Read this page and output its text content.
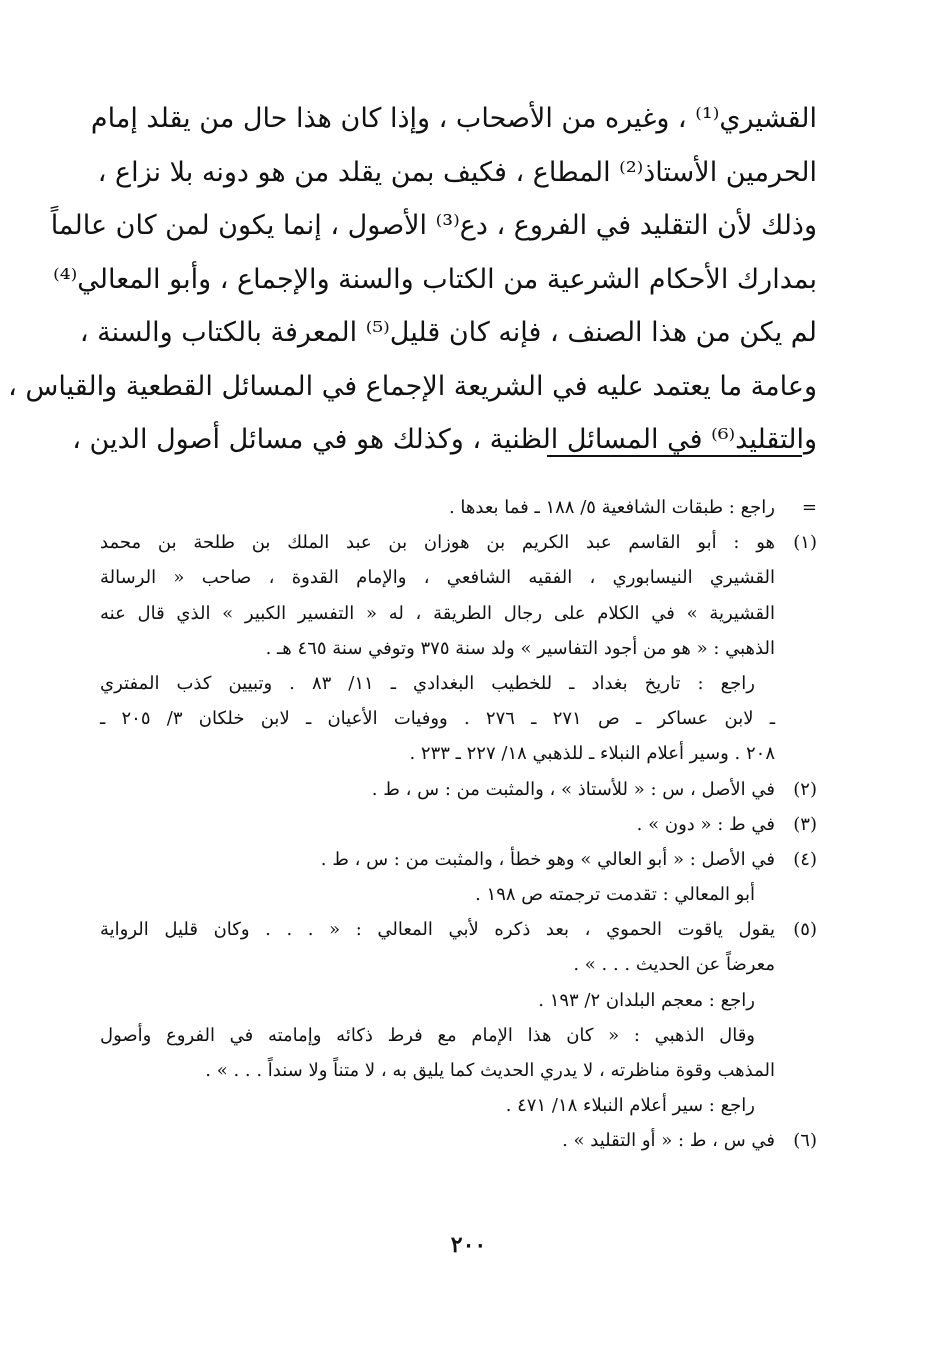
القشيري⁽¹⁾ ، وغيره من الأصحاب ، وإذا كان هذا حال من يقلد إمام
الحرمين الأستاذ⁽²⁾ المطاع ، فكيف بمن يقلد من هو دونه بلا نزاع ،
وذلك لأن التقليد في الفروع ، دع⁽³⁾ الأصول ، إنما يكون لمن كان عالماً
بمدارك الأحكام الشرعية من الكتاب والسنة والإجماع ، وأبو المعالي⁽⁴⁾
لم يكن من هذا الصنف ، فإنه كان قليل⁽⁵⁾ المعرفة بالكتاب والسنة ،
وعامة ما يعتمد عليه في الشريعة الإجماع في المسائل القطعية والقياس ،
والتقليد⁽⁶⁾ في المسائل الظنية ، وكذلك هو في مسائل أصول الدين ،
=
راجع : طبقات الشافعية ٥/ ١٨٨ ـ فما بعدها .
(١)
هو : أبو القاسم عبد الكريم بن هوزان بن عبد الملك بن طلحة بن محمد
القشيري النيسابوري ، الفقيه الشافعي ، والإمام القدوة ، صاحب « الرسالة
القشيرية » في الكلام على رجال الطريقة ، له « التفسير الكبير » الذي قال عنه
الذهبي : « هو من أجود التفاسير » ولد سنة ٣٧٥ وتوفي سنة ٤٦٥ هـ .
راجع : تاريخ بغداد ـ للخطيب البغدادي ـ ١١/ ٨٣ . وتبيين كذب المفتري
ـ لابن عساكر ـ ص ٢٧١ ـ ٢٧٦ . ووفيات الأعيان ـ لابن خلكان ٣/ ٢٠٥ ـ
٢٠٨ . وسير أعلام النبلاء ـ للذهبي ١٨/ ٢٢٧ ـ ٢٣٣ .
(٢)
في الأصل ، س : « للأستاذ » ، والمثبت من : س ، ط .
(٣)
في ط : « دون » .
(٤)
في الأصل : « أبو العالي » وهو خطأ ، والمثبت من : س ، ط .
أبو المعالي : تقدمت ترجمته ص ١٩٨ .
(٥)
يقول ياقوت الحموي ، بعد ذكره لأبي المعالي : « . . . وكان قليل الرواية
معرضاً عن الحديث . . . » .
راجع : معجم البلدان ٢/ ١٩٣ .
وقال الذهبي : « كان هذا الإمام مع فرط ذكائه وإمامته في الفروع وأصول
المذهب وقوة مناظرته ، لا يدري الحديث كما يليق به ، لا متناً ولا سنداً . . . » .
راجع : سير أعلام النبلاء ١٨/ ٤٧١ .
(٦)
في س ، ط : « أو التقليد » .
٢٠٠
